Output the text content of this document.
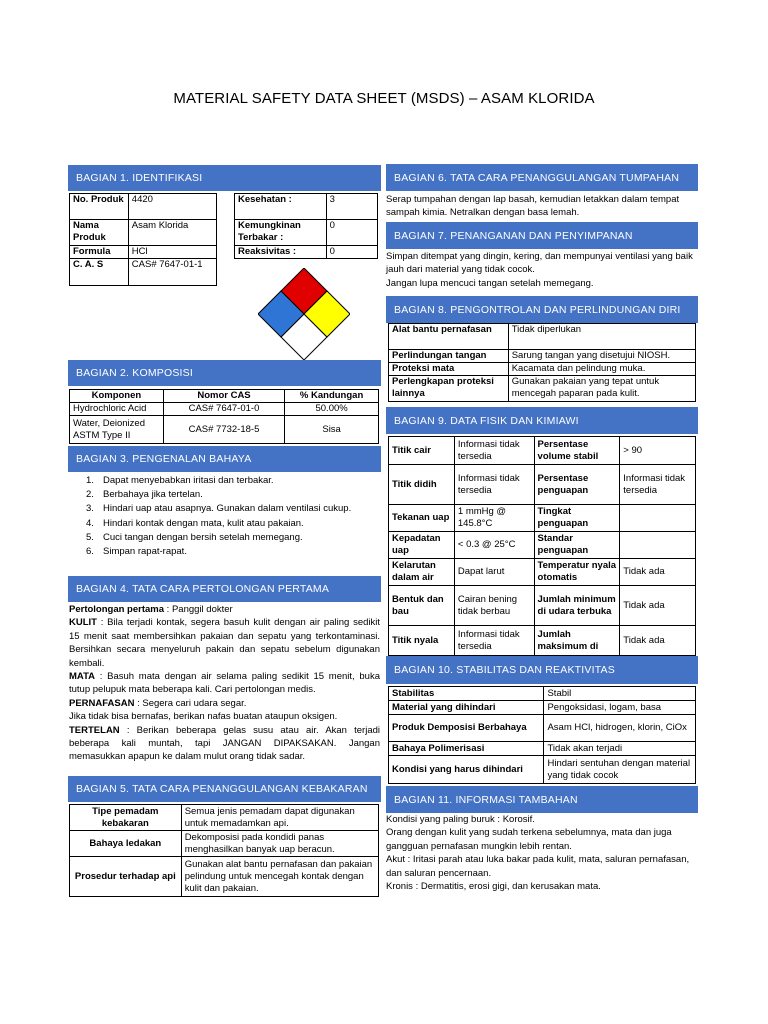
MATERIAL SAFETY DATA SHEET (MSDS) – ASAM KLORIDA
BAGIAN 1. IDENTIFIKASI
No. Produk	4420
Nama Produk	Asam Klorida
Formula	HCl
C. A. S	CAS# 7647-01-1
Kesehatan :	3
Kemungkinan Terbakar :	0
Reaksivitas :	0
BAGIAN 2. KOMPOSISI
Komponen	Nomor CAS	% Kandungan
Hydrochloric Acid	CAS# 7647-01-0	50.00%
Water, Deionized ASTM Type II	CAS# 7732-18-5	Sisa
BAGIAN 3. PENGENALAN BAHAYA
1. Dapat menyebabkan iritasi dan terbakar.
2. Berbahaya jika tertelan.
3. Hindari uap atau asapnya. Gunakan dalam ventilasi cukup.
4. Hindari kontak dengan mata, kulit atau pakaian.
5. Cuci tangan dengan bersih setelah memegang.
6. Simpan rapat-rapat.
BAGIAN 4. TATA CARA PERTOLONGAN PERTAMA
Pertolongan pertama : Panggil dokter
KULIT : Bila terjadi kontak, segera basuh kulit dengan air paling sedikit 15 menit saat membersihkan pakaian dan sepatu yang terkontaminasi. Bersihkan secara menyeluruh pakain dan sepatu sebelum digunakan kembali.
MATA : Basuh mata dengan air selama paling sedikit 15 menit, buka tutup pelupuk mata beberapa kali. Cari pertolongan medis.
PERNAFASAN : Segera cari udara segar.
Jika tidak bisa bernafas, berikan nafas buatan ataupun oksigen.
TERTELAN : Berikan beberapa gelas susu atau air. Akan terjadi beberapa kali muntah, tapi JANGAN DIPAKSAKAN. Jangan memasukkan apapun ke dalam mulut orang tidak sadar.
BAGIAN 5. TATA CARA PENANGGULANGAN KEBAKARAN
Tipe pemadam kebakaran	Semua jenis pemadam dapat digunakan untuk memadamkan api.
Bahaya ledakan	Dekomposisi pada kondidi panas menghasilkan banyak uap beracun.
Prosedur terhadap api	Gunakan alat bantu pernafasan dan pakaian pelindung untuk mencegah kontak dengan kulit dan pakaian.
BAGIAN 6. TATA CARA PENANGGULANGAN TUMPAHAN
Serap tumpahan dengan lap basah, kemudian letakkan dalam tempat sampah kimia. Netralkan dengan basa lemah.
BAGIAN 7. PENANGANAN DAN PENYIMPANAN
Simpan ditempat yang dingin, kering, dan mempunyai ventilasi yang baik jauh dari material yang tidak cocok.
Jangan lupa mencuci tangan setelah memegang.
BAGIAN 8. PENGONTROLAN DAN PERLINDUNGAN DIRI
Alat bantu pernafasan	Tidak diperlukan
Perlindungan tangan	Sarung tangan yang disetujui NIOSH.
Proteksi mata	Kacamata dan pelindung muka.
Perlengkapan proteksi lainnya	Gunakan pakaian yang tepat untuk mencegah paparan pada kulit.
BAGIAN 9. DATA FISIK DAN KIMIAWI
Titik cair	Informasi tidak tersedia	Persentase volume stabil	> 90
Titik didih	Informasi tidak tersedia	Persentase penguapan	Informasi tidak tersedia
Tekanan uap	1 mmHg @ 145.8°C	Tingkat penguapan	
Kepadatan uap	< 0.3 @ 25°C	Standar penguapan	
Kelarutan dalam air	Dapat larut	Temperatur nyala otomatis	Tidak ada
Bentuk dan bau	Cairan bening tidak berbau	Jumlah minimum di udara terbuka	Tidak ada
Titik nyala	Informasi tidak tersedia	Jumlah maksimum di	Tidak ada
BAGIAN 10. STABILITAS DAN REAKTIVITAS
Stabilitas	Stabil
Material yang dihindari	Pengoksidasi, logam, basa
Produk Demposisi Berbahaya	Asam HCl, hidrogen, klorin, CiOx
Bahaya Polimerisasi	Tidak akan terjadi
Kondisi yang harus dihindari	Hindari sentuhan dengan material yang tidak cocok
BAGIAN 11. INFORMASI TAMBAHAN
Kondisi yang paling buruk : Korosif.
Orang dengan kulit yang sudah terkena sebelumnya, mata dan juga gangguan pernafasan mungkin lebih rentan.
Akut : Iritasi parah atau luka bakar pada kulit, mata, saluran pernafasan, dan saluran pencernaan.
Kronis : Dermatitis, erosi gigi, dan kerusakan mata.
